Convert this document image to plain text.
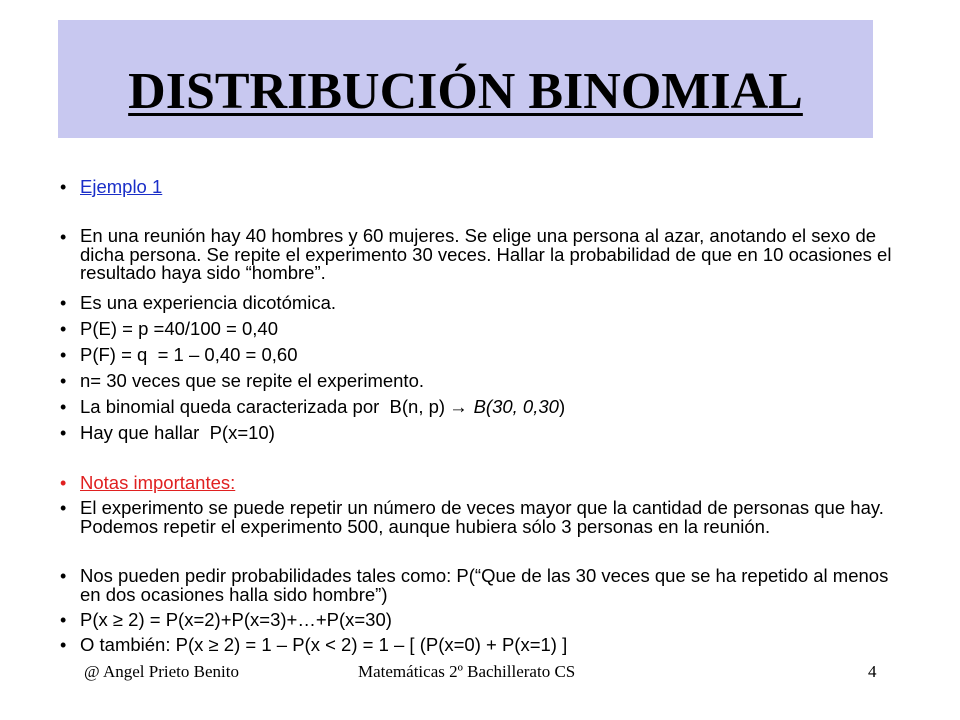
DISTRIBUCIÓN BINOMIAL
• Ejemplo 1
• En una reunión hay 40 hombres y 60 mujeres. Se elige una persona al azar, anotando el sexo de dicha persona. Se repite el experimento 30 veces. Hallar la probabilidad de que en 10 ocasiones el resultado haya sido “hombre”.
• Es una experiencia dicotómica.
• P(E) = p =40/100 = 0,40
• P(F) = q  = 1 – 0,40 = 0,60
• n= 30 veces que se repite el experimento.
• La binomial queda caracterizada por  B(n, p) → B(30, 0,30)
• Hay que hallar  P(x=10)
• Notas importantes:
• El experimento se puede repetir un número de veces mayor que la cantidad de personas que hay. Podemos repetir el experimento 500, aunque hubiera sólo 3 personas en la reunión.
• Nos pueden pedir probabilidades tales como: P(“Que de las 30 veces que se ha repetido al menos en dos ocasiones halla sido hombre”)
• P(x ≥ 2) = P(x=2)+P(x=3)+…+P(x=30)
• O también: P(x ≥ 2) = 1 – P(x < 2) = 1 – [ (P(x=0) + P(x=1) ]
@ Angel Prieto Benito	Matemáticas 2º Bachillerato CS	4
